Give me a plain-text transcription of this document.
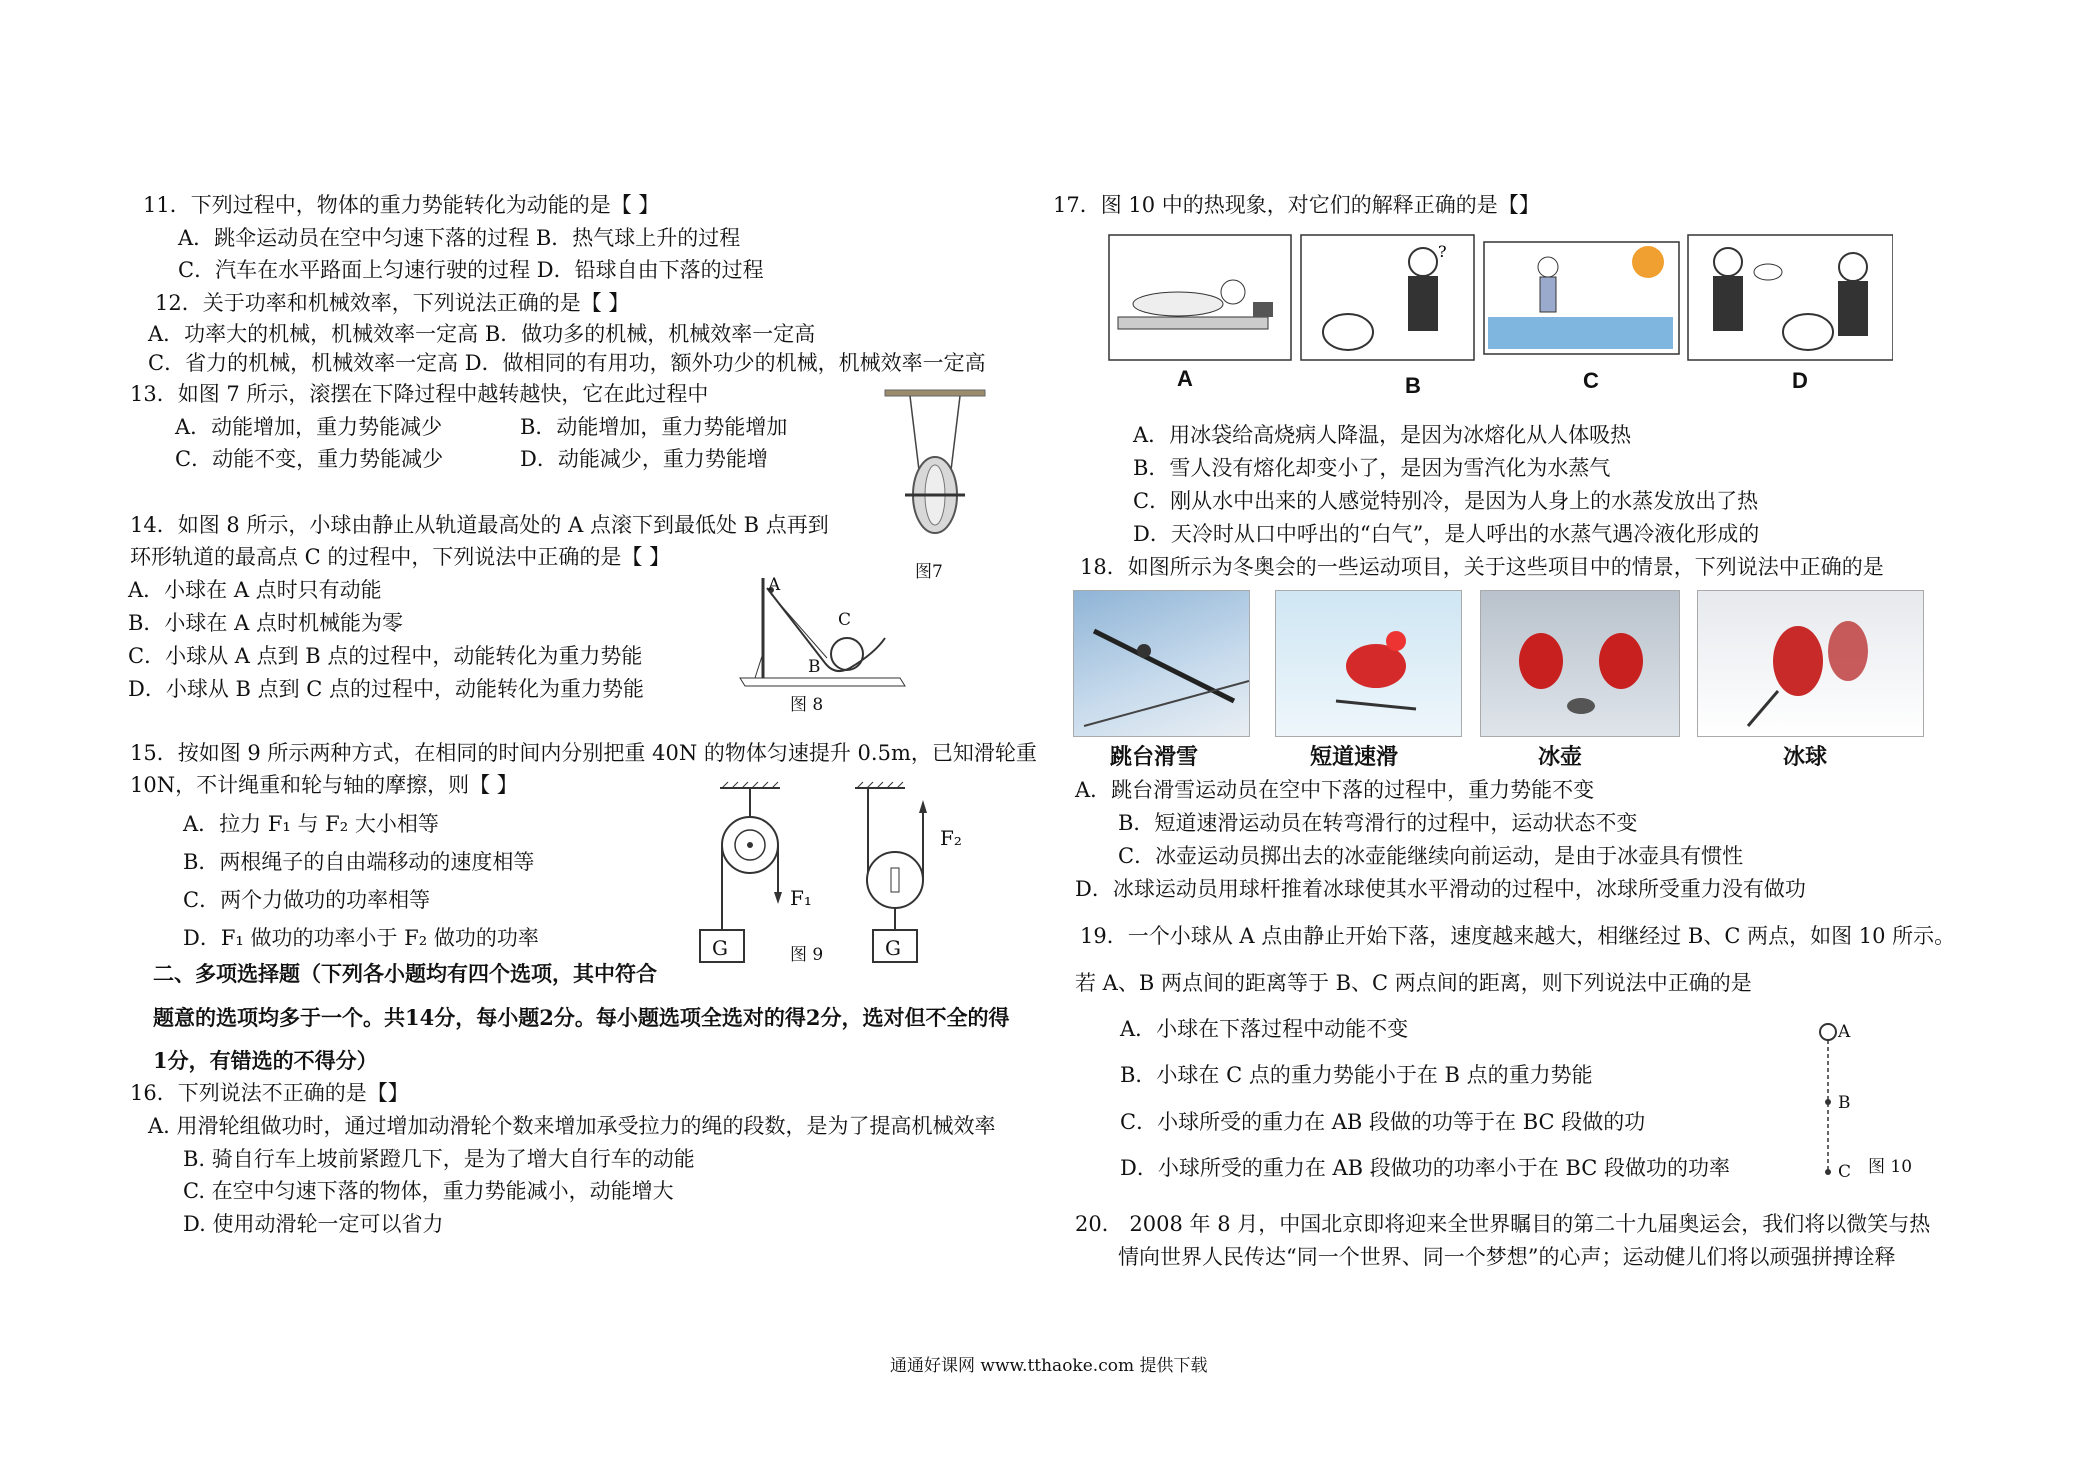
11．下列过程中，物体的重力势能转化为动能的是【 】
A．跳伞运动员在空中匀速下落的过程 B．热气球上升的过程
C．汽车在水平路面上匀速行驶的过程 D．铅球自由下落的过程
12．关于功率和机械效率，下列说法正确的是【 】
A．功率大的机械，机械效率一定高 B．做功多的机械，机械效率一定高
C．省力的机械，机械效率一定高 D．做相同的有用功，额外功少的机械，机械效率一定高
13．如图 7 所示，滚摆在下降过程中越转越快，它在此过程中
A．动能增加，重力势能减少	B．动能增加，重力势能增加
C．动能不变，重力势能减少	D．动能减少，重力势能增
图7
14．如图 8 所示，小球由静止从轨道最高处的 A 点滚下到最低处 B 点再到
环形轨道的最高点 C 的过程中，下列说法中正确的是【 】
A．小球在 A 点时只有动能
B．小球在 A 点时机械能为零
C．小球从 A 点到 B 点的过程中，动能转化为重力势能
D．小球从 B 点到 C 点的过程中，动能转化为重力势能
A
C
B
图 8
15．按如图 9 所示两种方式，在相同的时间内分别把重 40N 的物体匀速提升 0.5m，已知滑轮重
10N，不计绳重和轮与轴的摩擦，则【 】
A．拉力 F₁ 与 F₂ 大小相等
B．两根绳子的自由端移动的速度相等
C．两个力做功的功率相等
D．F₁ 做功的功率小于 F₂ 做功的功率	G	G
F₁
F₂
图 9
二、多项选择题（下列各小题均有四个选项，其中符合
题意的选项均多于一个。共14分，每小题2分。每小题选项全选对的得2分，选对但不全的得
1分，有错选的不得分）
16．下列说法不正确的是【】
A. 用滑轮组做功时，通过增加动滑轮个数来增加承受拉力的绳的段数，是为了提高机械效率
B. 骑自行车上坡前紧蹬几下，是为了增大自行车的动能
C. 在空中匀速下落的物体，重力势能减小，动能增大
D. 使用动滑轮一定可以省力
17．图 10 中的热现象，对它们的解释正确的是【】
?
A	B	C	D
A．用冰袋给高烧病人降温，是因为冰熔化从人体吸热
B．雪人没有熔化却变小了，是因为雪汽化为水蒸气
C．刚从水中出来的人感觉特别冷，是因为人身上的水蒸发放出了热
D．天冷时从口中呼出的“白气”，是人呼出的水蒸气遇冷液化形成的
18．如图所示为冬奥会的一些运动项目，关于这些项目中的情景，下列说法中正确的是
跳台滑雪	短道速滑	冰壶	冰球
A．跳台滑雪运动员在空中下落的过程中，重力势能不变
B．短道速滑运动员在转弯滑行的过程中，运动状态不变
C．冰壶运动员掷出去的冰壶能继续向前运动，是由于冰壶具有惯性
D．冰球运动员用球杆推着冰球使其水平滑动的过程中，冰球所受重力没有做功
19．一个小球从 A 点由静止开始下落，速度越来越大，相继经过 B、C 两点，如图 10 所示。
若 A、B 两点间的距离等于 B、C 两点间的距离，则下列说法中正确的是
A．小球在下落过程中动能不变
B．小球在 C 点的重力势能小于在 B 点的重力势能
C．小球所受的重力在 AB 段做的功等于在 BC 段做的功
D．小球所受的重力在 AB 段做功的功率小于在 BC 段做功的功率
A
B
C 图 10
20． 2008 年 8 月，中国北京即将迎来全世界瞩目的第二十九届奥运会，我们将以微笑与热
情向世界人民传达“同一个世界、同一个梦想”的心声；运动健儿们将以顽强拼搏诠释
通通好课网 www.tthaoke.com 提供下载
